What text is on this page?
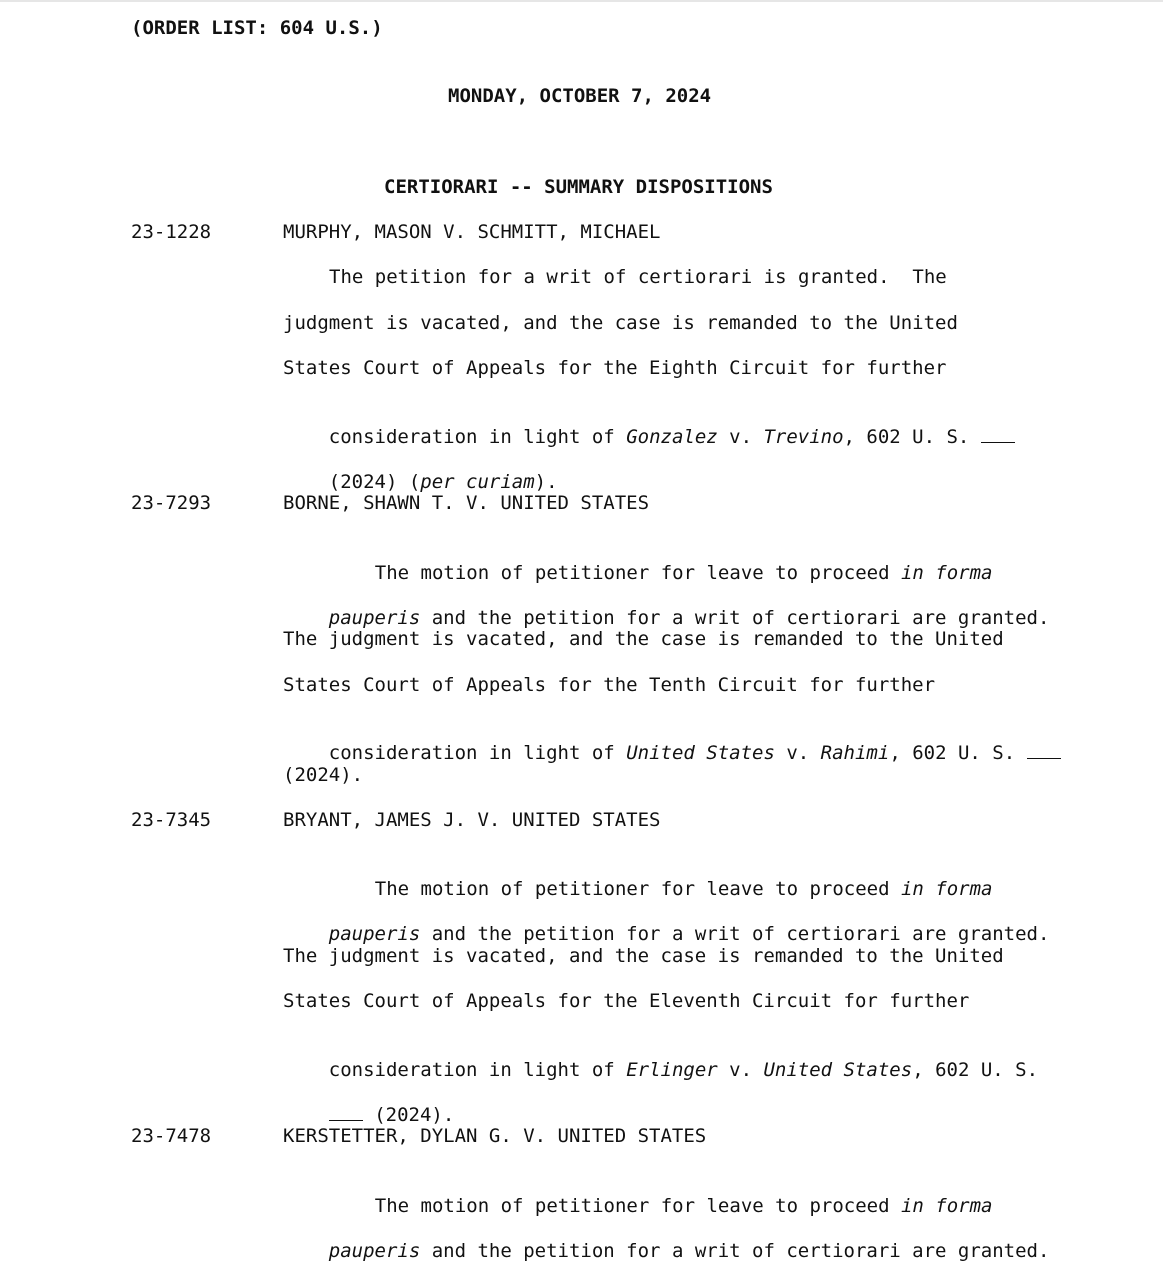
(ORDER LIST: 604 U.S.)
MONDAY, OCTOBER 7, 2024
CERTIORARI -- SUMMARY DISPOSITIONS
23-1228	MURPHY, MASON V. SCHMITT, MICHAEL
The petition for a writ of certiorari is granted.  The
judgment is vacated, and the case is remanded to the United
States Court of Appeals for the Eighth Circuit for further

consideration in light of Gonzalez v. Trevino, 602 U. S.

(2024) (per curiam).

23-7293	BORNE, SHAWN T. V. UNITED STATES

The motion of petitioner for leave to proceed in forma

pauperis and the petition for a writ of certiorari are granted.

The judgment is vacated, and the case is remanded to the United
States Court of Appeals for the Tenth Circuit for further

consideration in light of United States v. Rahimi, 602 U. S.

(2024).
23-7345	BRYANT, JAMES J. V. UNITED STATES

The motion of petitioner for leave to proceed in forma

pauperis and the petition for a writ of certiorari are granted.

The judgment is vacated, and the case is remanded to the United
States Court of Appeals for the Eleventh Circuit for further

consideration in light of Erlinger v. United States, 602 U. S.

(2024).

23-7478	KERSTETTER, DYLAN G. V. UNITED STATES

The motion of petitioner for leave to proceed in forma

pauperis and the petition for a writ of certiorari are granted.
